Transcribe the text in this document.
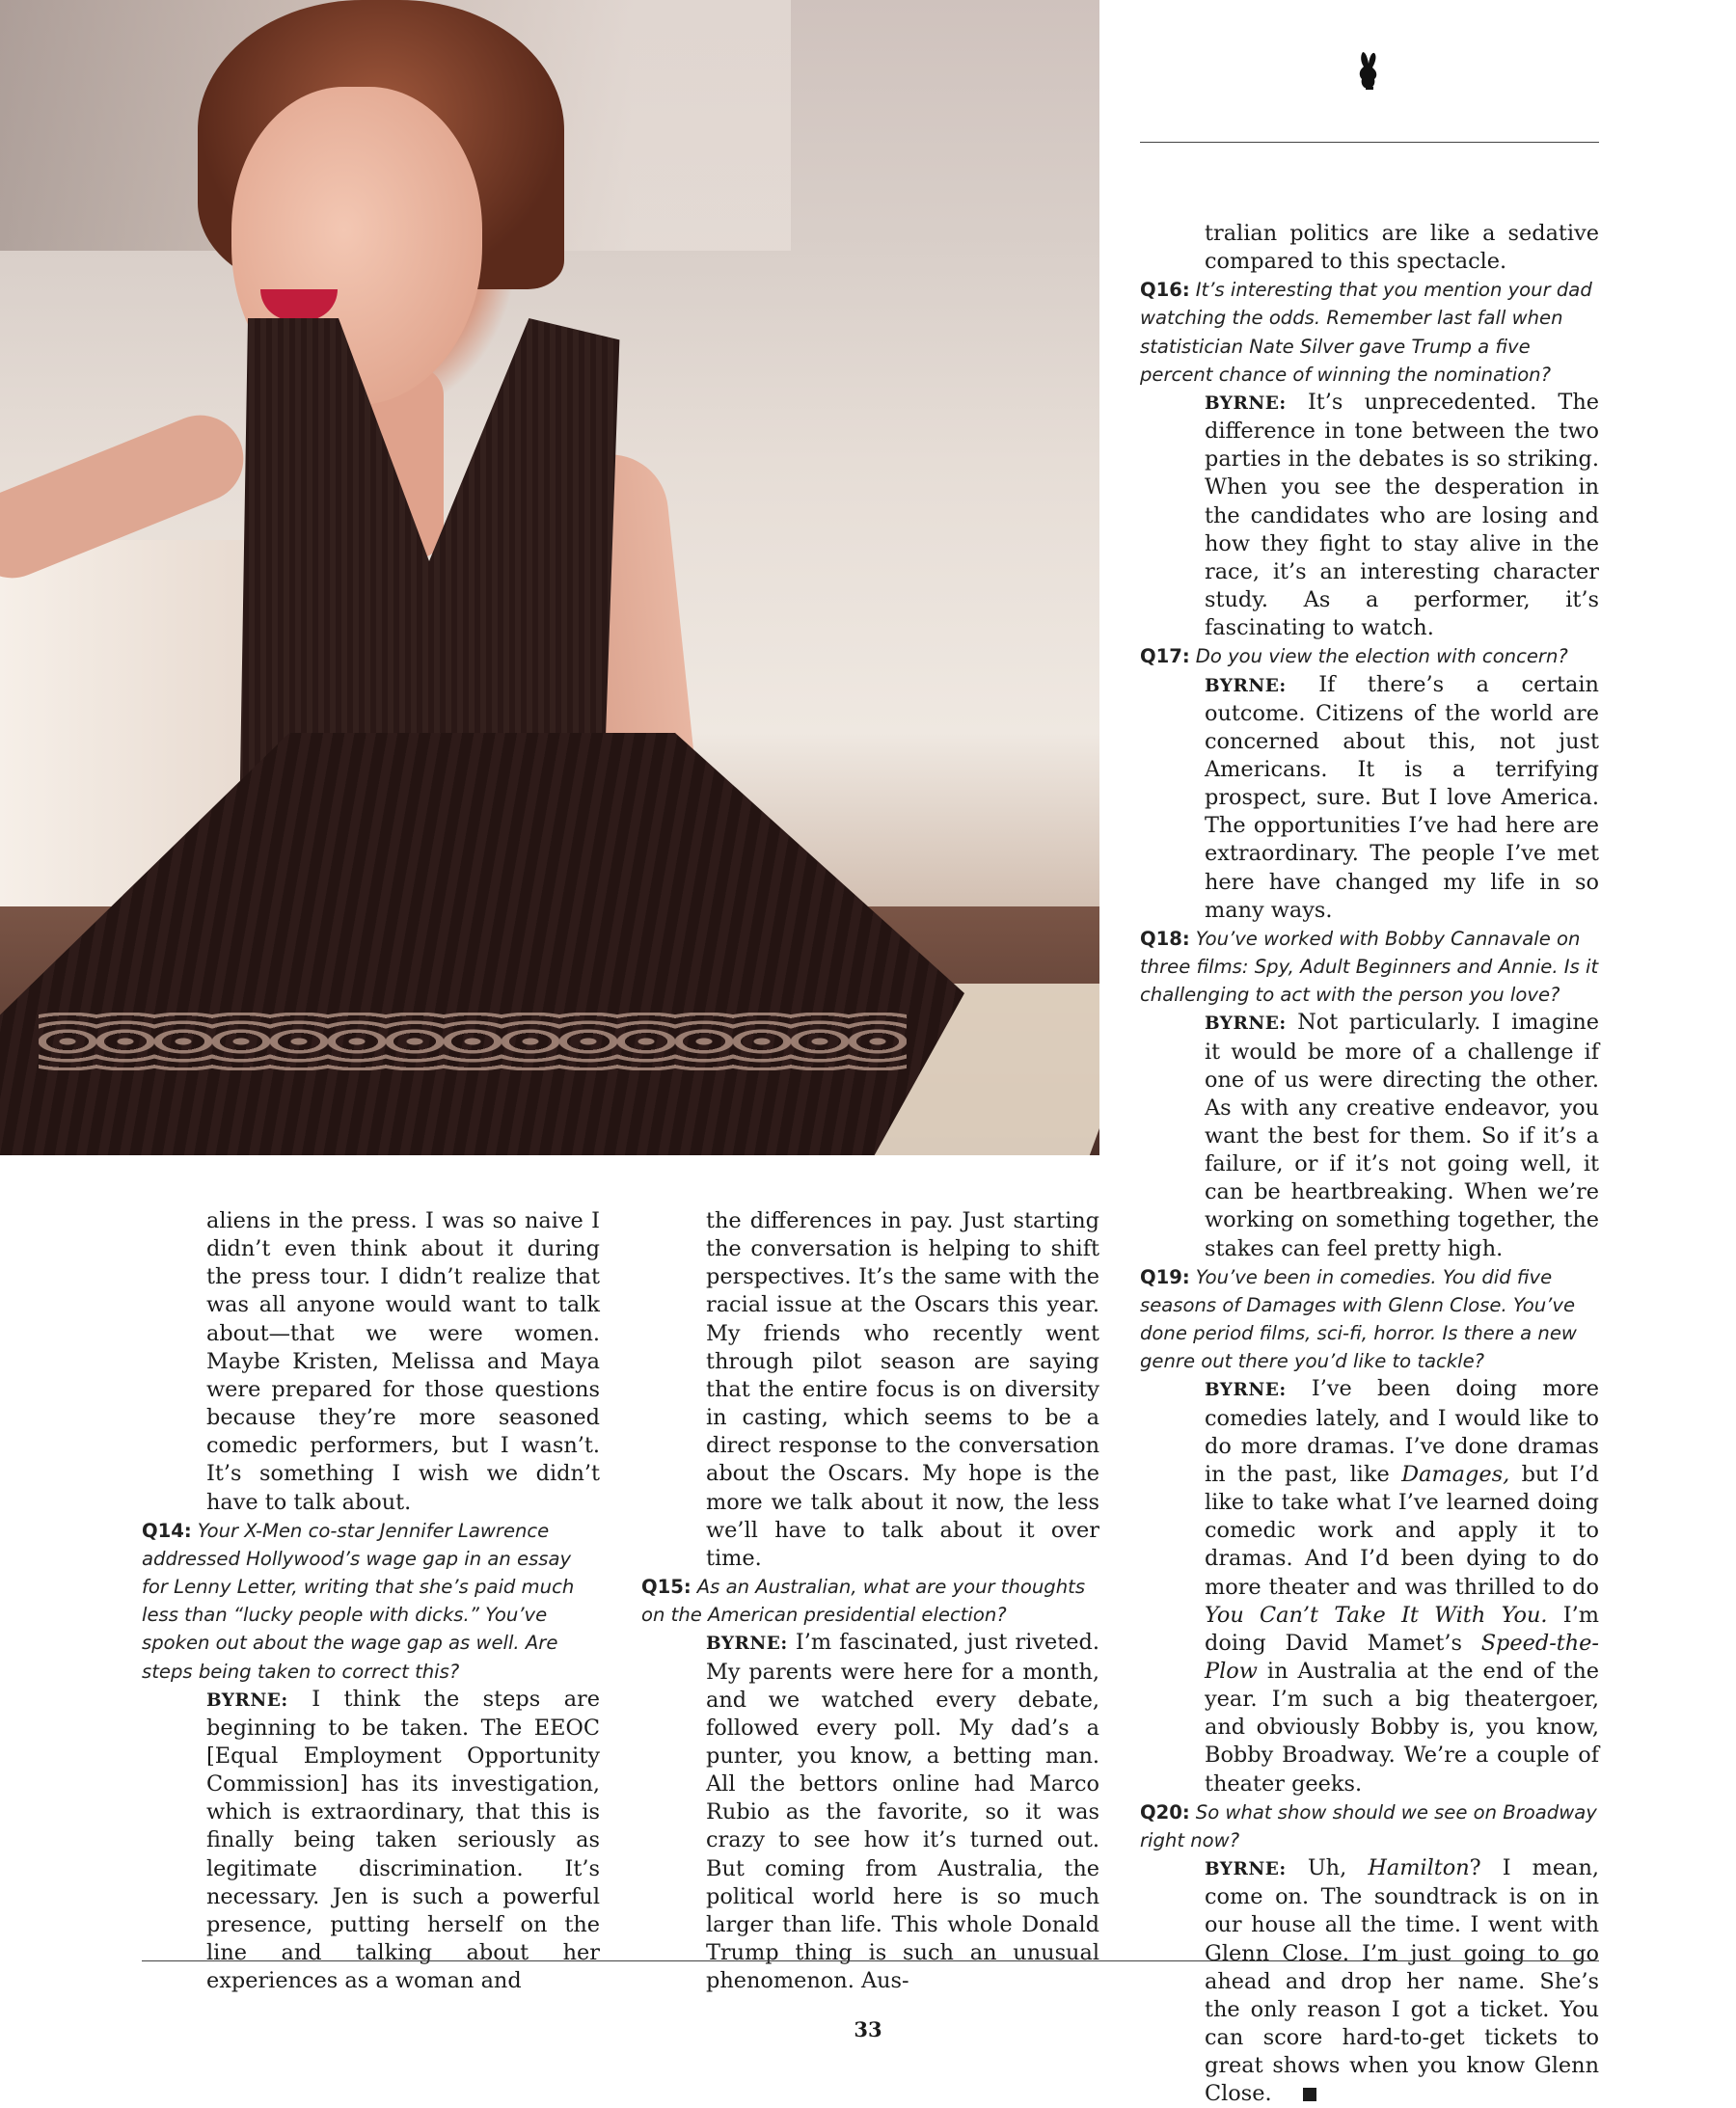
aliens in the press. I was so naive I didn’t even think about it during the press tour. I didn’t realize that was all anyone would want to talk about—that we were women. Maybe Kristen, Melissa and Maya were prepared for those questions because they’re more seasoned comedic performers, but I wasn’t. It’s something I wish we didn’t have to talk about.
Q14: Your X-Men co-star Jennifer Lawrence addressed Hollywood’s wage gap in an essay for Lenny Letter, writing that she’s paid much less than “lucky people with dicks.” You’ve spoken out about the wage gap as well. Are steps being taken to correct this?
BYRNE: I think the steps are beginning to be taken. The EEOC [Equal Employment Opportunity Commission] has its investigation, which is extraordinary, that this is finally being taken seriously as legitimate discrimination. It’s necessary. Jen is such a powerful presence, putting herself on the line and talking about her experiences as a woman and
the differences in pay. Just starting the conversation is helping to shift perspectives. It’s the same with the racial issue at the Oscars this year. My friends who recently went through pilot season are saying that the entire focus is on diversity in casting, which seems to be a direct response to the conversation about the Oscars. My hope is the more we talk about it now, the less we’ll have to talk about it over time.
Q15: As an Australian, what are your thoughts on the American presidential election?
BYRNE: I’m fascinated, just riveted. My parents were here for a month, and we watched every debate, followed every poll. My dad’s a punter, you know, a betting man. All the bettors online had Marco Rubio as the favorite, so it was crazy to see how it’s turned out. But coming from Australia, the political world here is so much larger than life. This whole Donald Trump thing is such an unusual phenomenon. Aus-
tralian politics are like a sedative compared to this spectacle.
Q16: It’s interesting that you mention your dad watching the odds. Remember last fall when statistician Nate Silver gave Trump a five percent chance of winning the nomination?
BYRNE: It’s unprecedented. The difference in tone between the two parties in the debates is so striking. When you see the desperation in the candidates who are losing and how they fight to stay alive in the race, it’s an interesting character study. As a performer, it’s fascinating to watch.
Q17: Do you view the election with concern?
BYRNE: If there’s a certain outcome. Citizens of the world are concerned about this, not just Americans. It is a terrifying prospect, sure. But I love America. The opportunities I’ve had here are extraordinary. The people I’ve met here have changed my life in so many ways.
Q18: You’ve worked with Bobby Cannavale on three films: Spy, Adult Beginners and Annie. Is it challenging to act with the person you love?
BYRNE: Not particularly. I imagine it would be more of a challenge if one of us were directing the other. As with any creative endeavor, you want the best for them. So if it’s a failure, or if it’s not going well, it can be heartbreaking. When we’re working on something together, the stakes can feel pretty high.
Q19: You’ve been in comedies. You did five seasons of Damages with Glenn Close. You’ve done period films, sci-fi, horror. Is there a new genre out there you’d like to tackle?
BYRNE: I’ve been doing more comedies lately, and I would like to do more dramas. I’ve done dramas in the past, like Damages, but I’d like to take what I’ve learned doing comedic work and apply it to dramas. And I’d been dying to do more theater and was thrilled to do You Can’t Take It With You. I’m doing David Mamet’s Speed-the-Plow in Australia at the end of the year. I’m such a big theatergoer, and obviously Bobby is, you know, Bobby Broadway. We’re a couple of theater geeks.
Q20: So what show should we see on Broadway right now?
BYRNE: Uh, Hamilton? I mean, come on. The soundtrack is on in our house all the time. I went with Glenn Close. I’m just going to go ahead and drop her name. She’s the only reason I got a ticket. You can score hard-to-get tickets to great shows when you know Glenn Close.
33
